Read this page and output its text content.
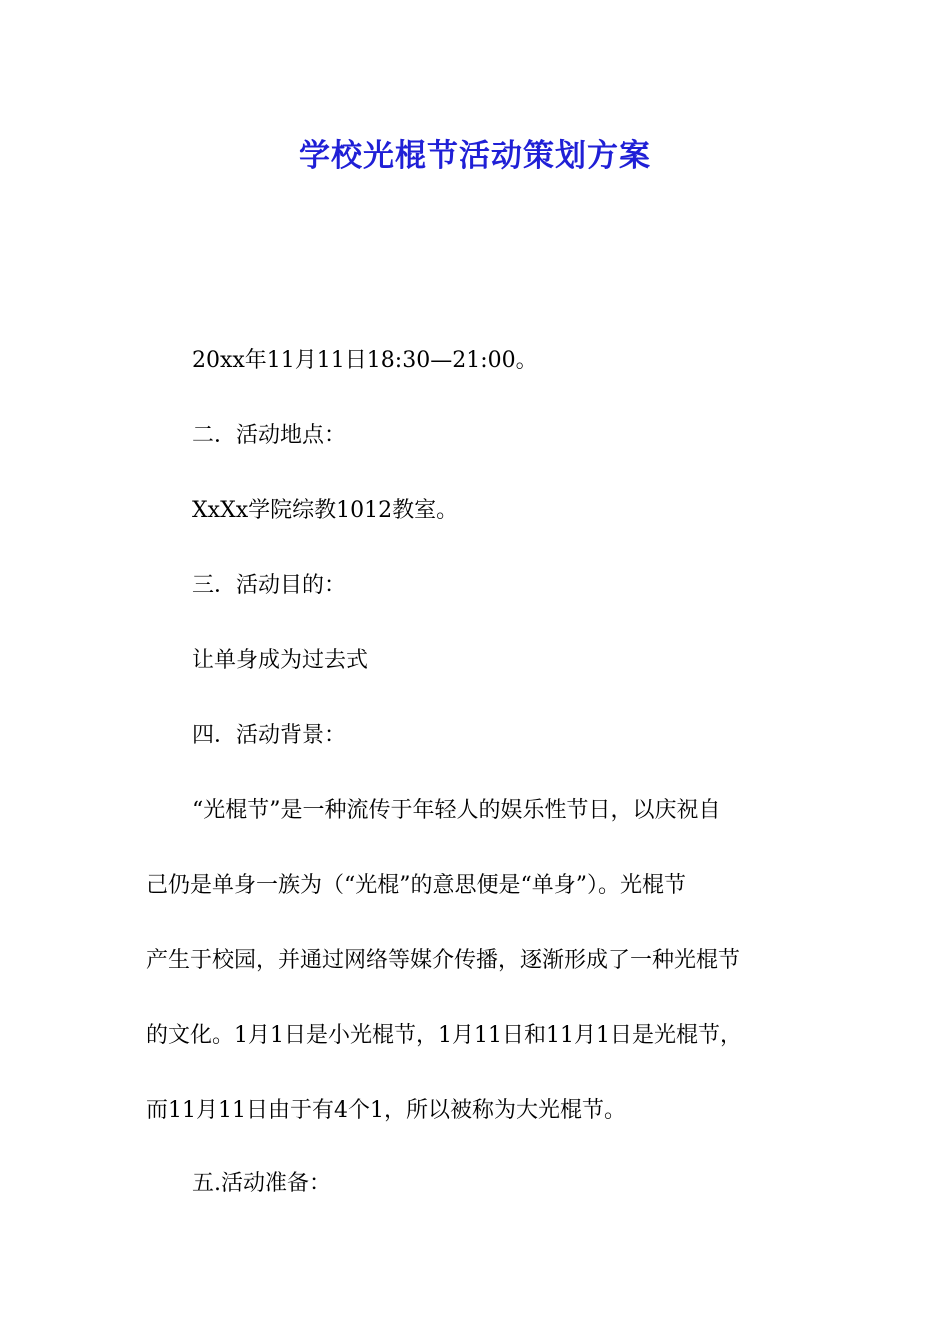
学校光棍节活动策划方案
20xx年11月11日18:30—21:00。
二．活动地点：
XxXx学院综教1012教室。
三．活动目的：
让单身成为过去式
四．活动背景：
“光棍节”是一种流传于年轻人的娱乐性节日，以庆祝自
己仍是单身一族为（“光棍”的意思便是“单身”）。光棍节
产生于校园，并通过网络等媒介传播，逐渐形成了一种光棍节
的文化。1月1日是小光棍节，1月11日和11月1日是光棍节，
而11月11日由于有4个1，所以被称为大光棍节。
五.活动准备：
